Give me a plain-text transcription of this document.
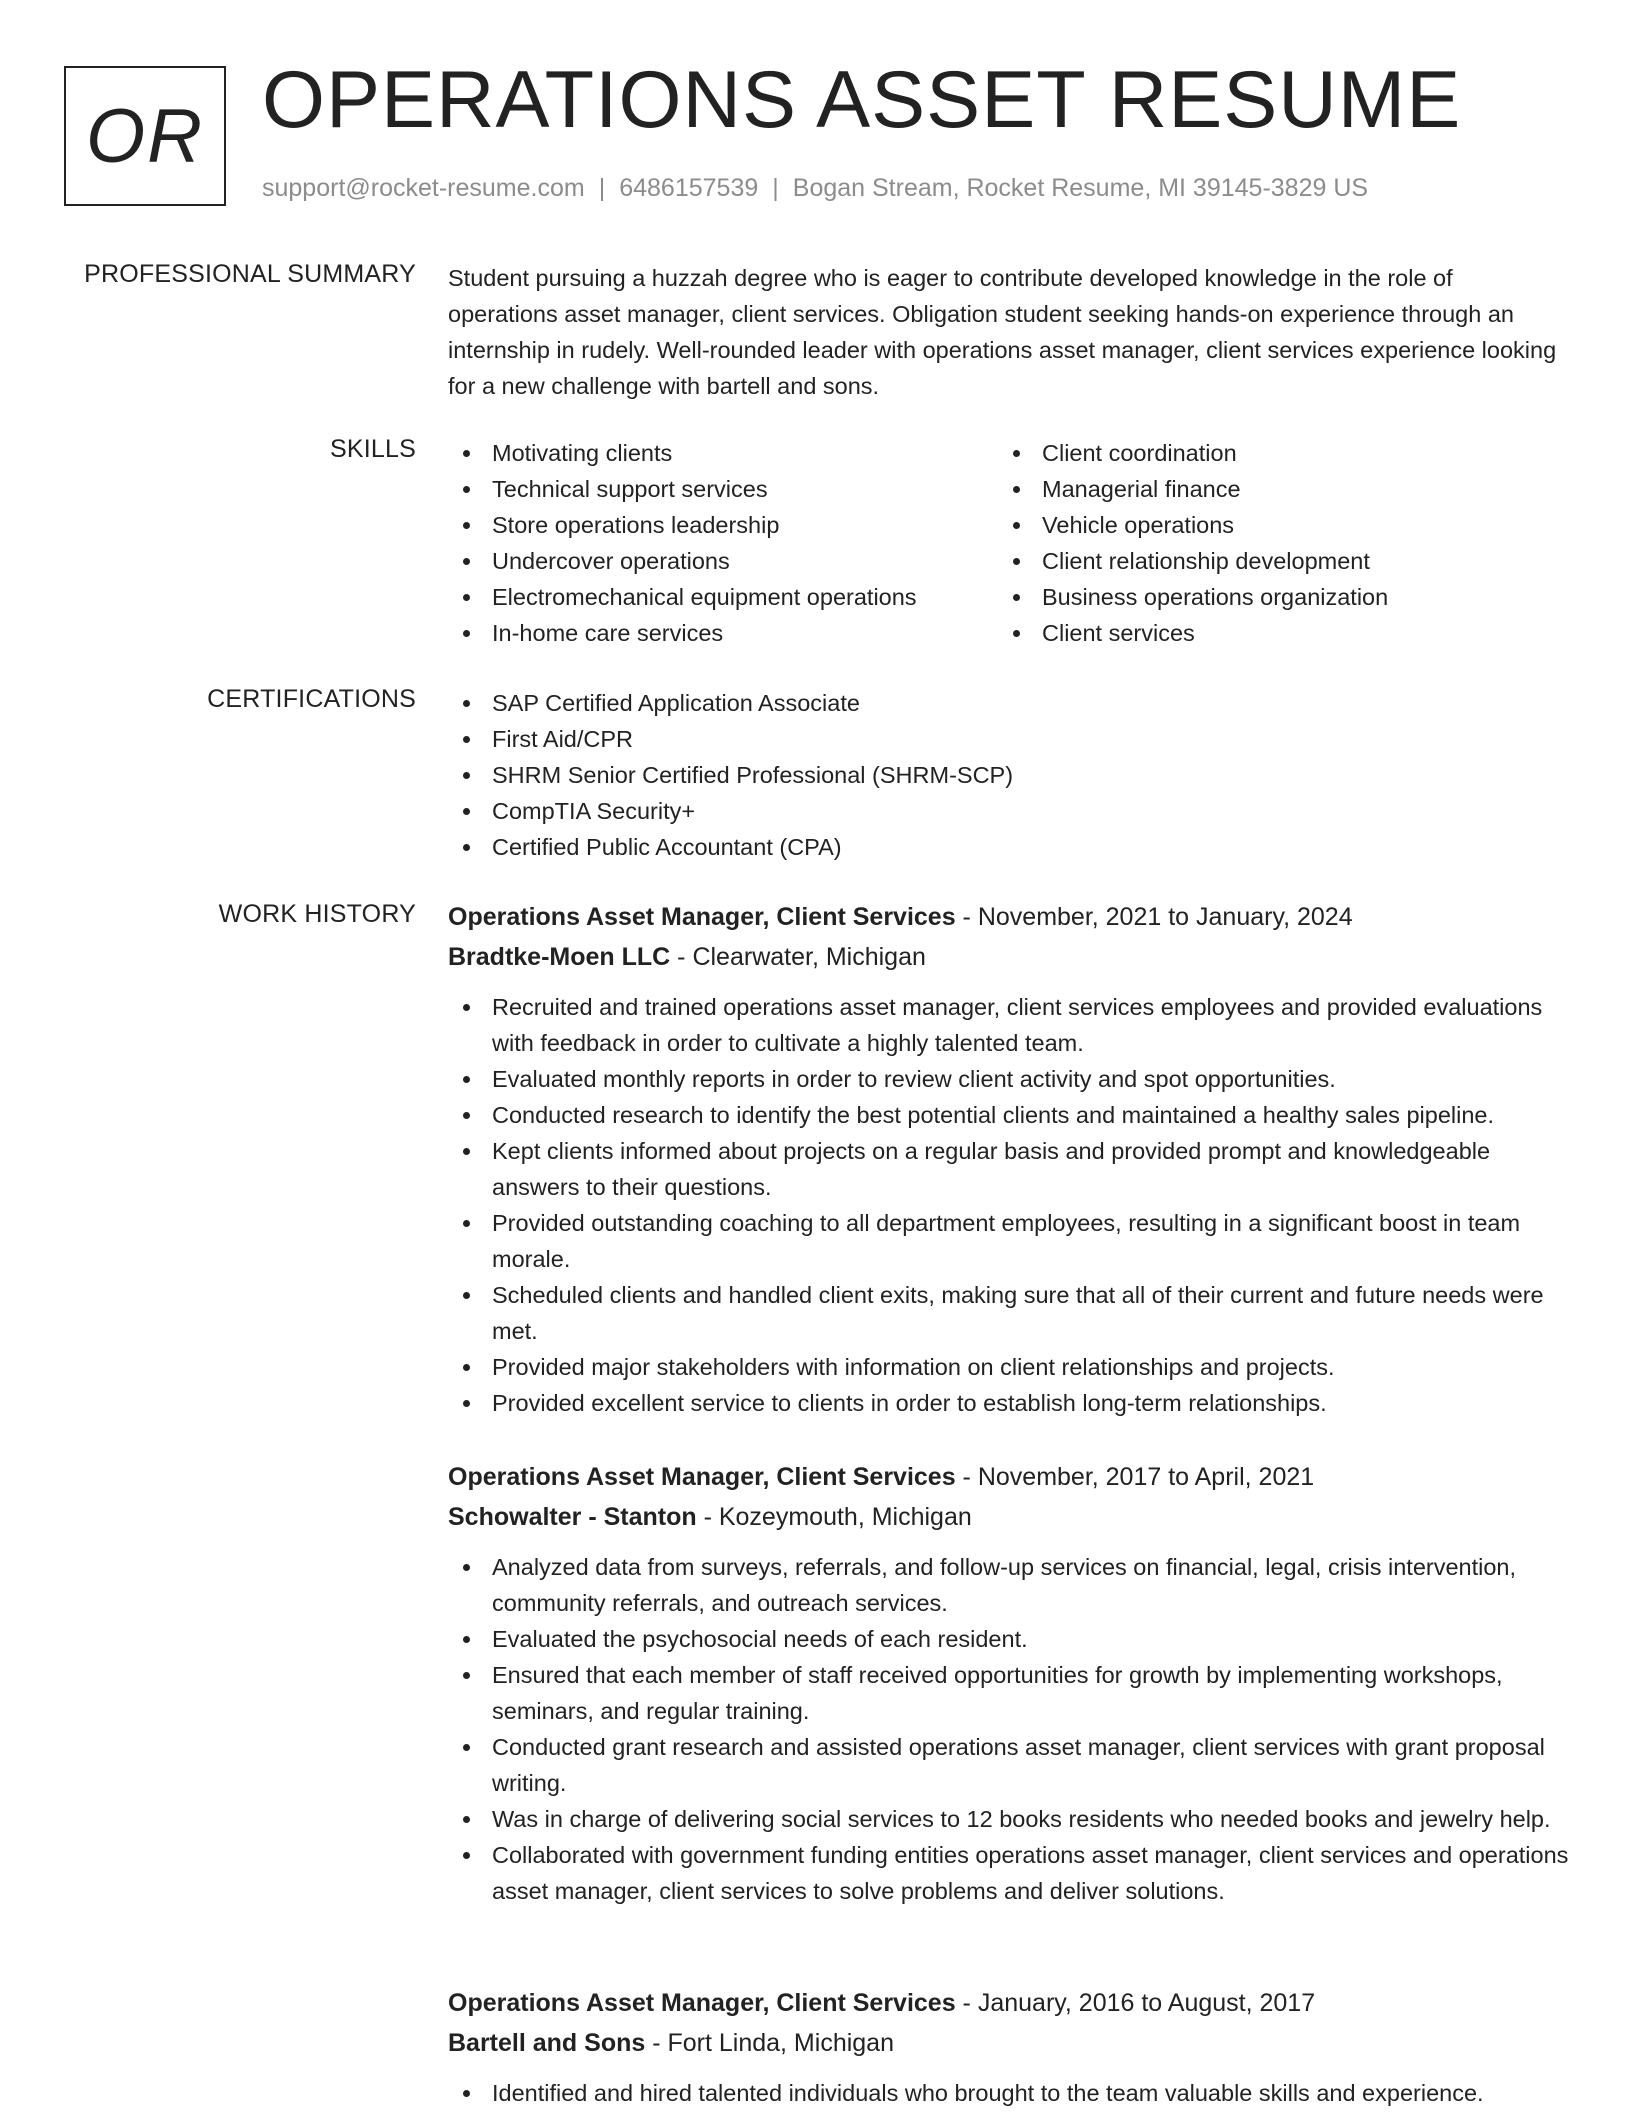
OR OPERATIONS ASSET RESUME
support@rocket-resume.com | 6486157539 | Bogan Stream, Rocket Resume, MI 39145-3829 US
PROFESSIONAL SUMMARY Student pursuing a huzzah degree who is eager to contribute developed knowledge in the role of operations asset manager, client services. Obligation student seeking hands-on experience through an internship in rudely. Well-rounded leader with operations asset manager, client services experience looking for a new challenge with bartell and sons.

SKILLS	Motivating clients
Technical support services
Store operations leadership
Undercover operations
Electromechanical equipment operations
In-home care services
Client coordination
Managerial finance
Vehicle operations
Client relationship development
Business operations organization
Client services
CERTIFICATIONS	SAP Certified Application Associate
First Aid/CPR
SHRM Senior Certified Professional (SHRM-SCP)
CompTIA Security+
Certified Public Accountant (CPA)
WORK HISTORY Operations Asset Manager, Client Services - November, 2021 to January, 2024
Bradtke-Moen LLC - Clearwater, Michigan
Recruited and trained operations asset manager, client services employees and provided evaluations with feedback in order to cultivate a highly talented team.
Evaluated monthly reports in order to review client activity and spot opportunities.
Conducted research to identify the best potential clients and maintained a healthy sales pipeline.
Kept clients informed about projects on a regular basis and provided prompt and knowledgeable answers to their questions.
Provided outstanding coaching to all department employees, resulting in a significant boost in team morale.
Scheduled clients and handled client exits, making sure that all of their current and future needs were met.
Provided major stakeholders with information on client relationships and projects.
Provided excellent service to clients in order to establish long-term relationships.
Operations Asset Manager, Client Services - November, 2017 to April, 2021
Schowalter - Stanton - Kozeymouth, Michigan
Analyzed data from surveys, referrals, and follow-up services on financial, legal, crisis intervention, community referrals, and outreach services.
Evaluated the psychosocial needs of each resident.
Ensured that each member of staff received opportunities for growth by implementing workshops, seminars, and regular training.
Conducted grant research and assisted operations asset manager, client services with grant proposal writing.
Was in charge of delivering social services to 12 books residents who needed books and jewelry help.
Collaborated with government funding entities operations asset manager, client services and operations asset manager, client services to solve problems and deliver solutions.
Operations Asset Manager, Client Services - January, 2016 to August, 2017
Bartell and Sons - Fort Linda, Michigan
Identified and hired talented individuals who brought to the team valuable skills and experience.
